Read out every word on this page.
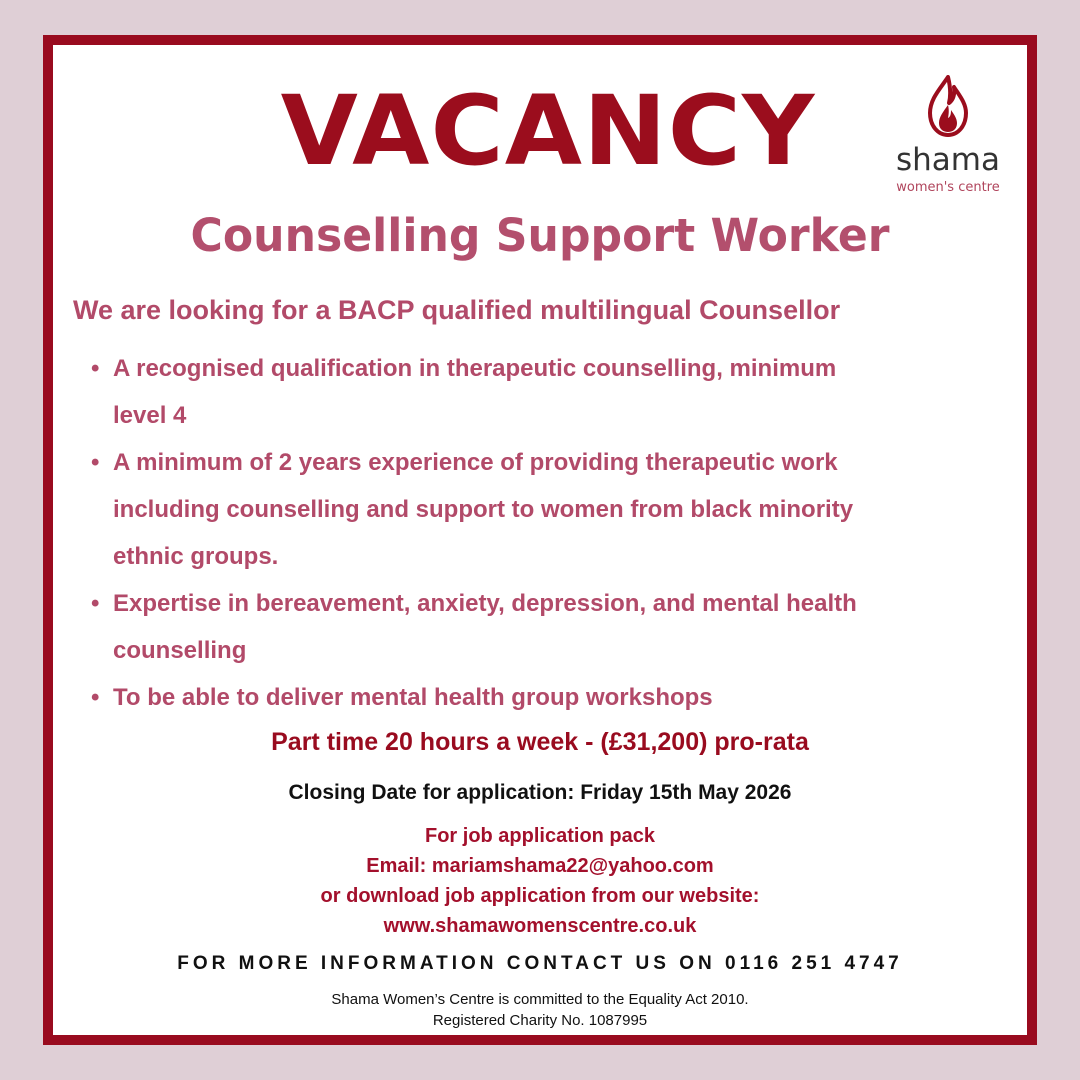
VACANCY	shama
women's centre
Counselling Support Worker
We are looking for a BACP qualified multilingual Counsellor
• A recognised qualification in therapeutic counselling, minimum
level 4
• A minimum of 2 years experience of providing therapeutic work
including counselling and support to women from black minority
ethnic groups.
• Expertise in bereavement, anxiety, depression, and mental health
counselling
• To be able to deliver mental health group workshops
Part time 20 hours a week - (£31,200) pro-rata
Closing Date for application: Friday 15th May 2026
For job application pack
Email: mariamshama22@yahoo.com
or download job application from our website:
www.shamawomenscentre.co.uk
FOR MORE INFORMATION CONTACT US ON 0116 251 4747
Shama Women’s Centre is committed to the Equality Act 2010.
Registered Charity No. 1087995
